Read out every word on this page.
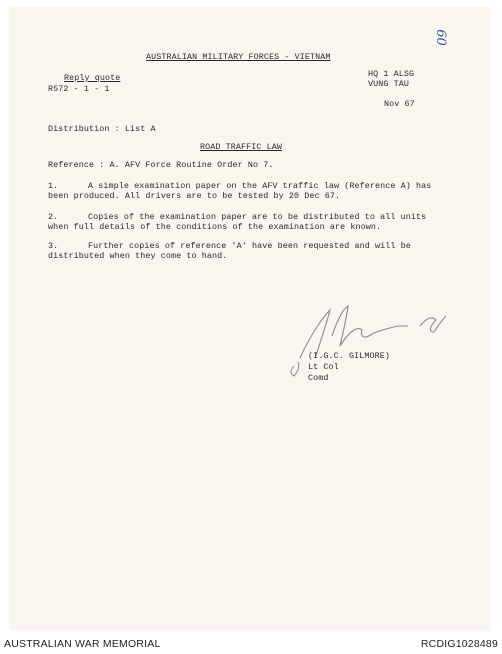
AUSTRALIAN MILITARY FORCES - VIETNAM
60
Reply quote
R572 - 1 - 1
HQ 1 ALSG
VUNG TAU
Nov 67
Distribution : List A
ROAD TRAFFIC LAW
Reference : A. AFV Force Routine Order No 7.
1.	A simple examination paper on the AFV traffic law (Reference A) has
been produced. All drivers are to be tested by 20 Dec 67.
2.	Copies of the examination paper are to be distributed to all units
when full details of the conditions of the examination are known.
3.	Further copies of reference 'A' have been requested and will be
distributed when they come to hand.
(I.G.C. GILMORE)
Lt Col
Comd
AUSTRALIAN WAR MEMORIAL	RCDIG1028489
